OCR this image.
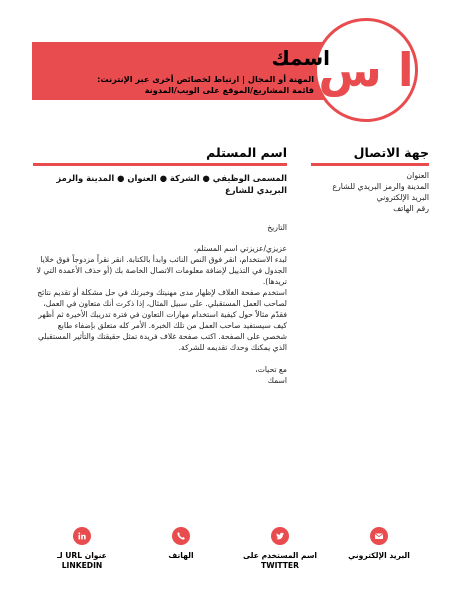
ا س
اسمك
المهنة أو المجال | ارتباط لخصائص أخرى عبر الإنترنت:
قائمة المشاريع/الموقع على الويب/المدونة
جهة الاتصال
العنوان
المدينة والرمز البريدي للشارع
البريد الإلكتروني
رقم الهاتف
اسم المستلم

المسمى الوظيفي ● الشركة ● العنوان ● المدينة والرمز البريدي للشارع

التاريخ

عزيزي/عزيزتي اسم المستلم،

لبدء الاستخدام، انقر فوق النص النائب وابدأ بالكتابة. انقر نقراً مزدوجاً فوق خلايا الجدول في التذييل لإضافة معلومات الاتصال الخاصة بك (أو حذف الأعمدة التي لا تريدها).

استخدم صفحة الغلاف لإظهار مدى مهنيتك وخبرتك في حل مشكلة أو تقديم نتائج لصاحب العمل المستقبلي. على سبيل المثال، إذا ذكرت أنك متعاون في العمل، فقدّم مثالاً حول كيفية استخدام مهارات التعاون في فترة تدريبك الأخيرة ثم أظهر كيف سيستفيد صاحب العمل من تلك الخبرة. الأمر كله متعلق بإضفاء طابع شخصي على الصفحة. اكتب صفحة غلاف فريدة تمثل حقيقتك والتأثير المستقبلي الذي يمكنك وحدك تقديمه للشركة.

مع تحيات،

اسمك

البريد الإلكتروني
اسم المستخدم على TWITTER
الهاتف
عنوان URL لـ LINKEDIN
